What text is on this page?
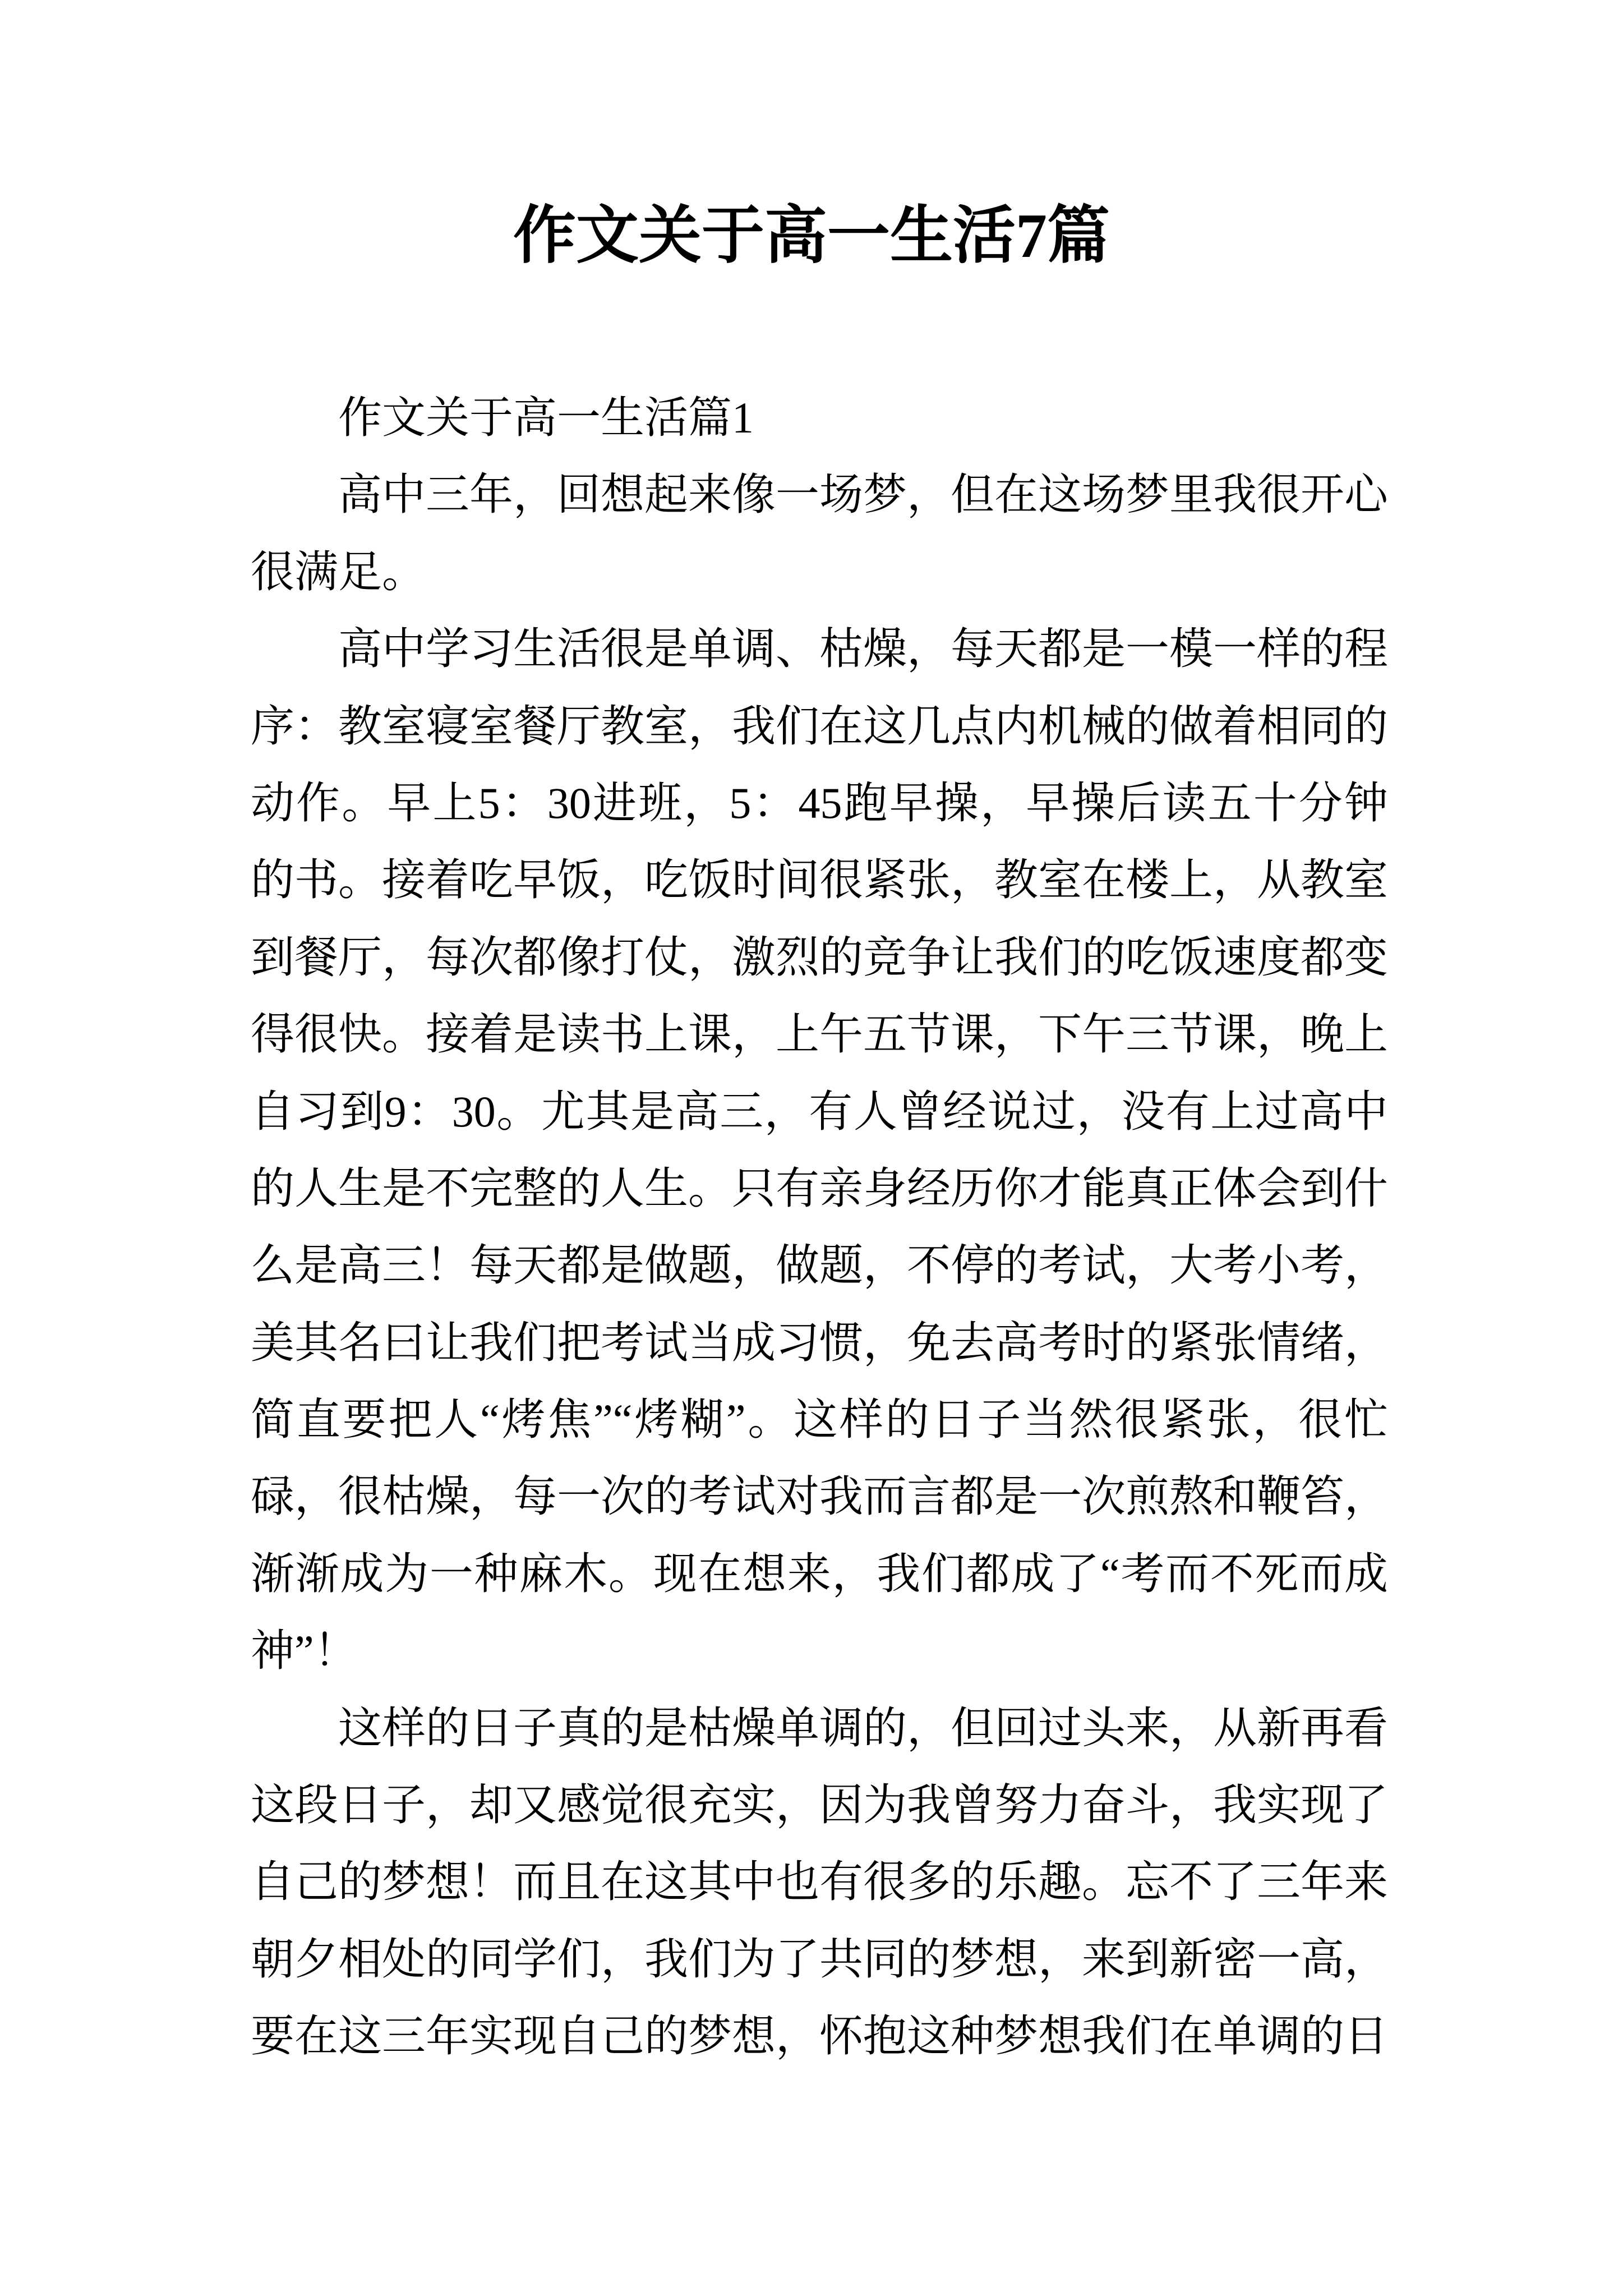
作文关于高一生活7篇
作文关于高一生活篇1
高中三年，回想起来像一场梦，但在这场梦里我很开心
很满足。
高中学习生活很是单调、枯燥，每天都是一模一样的程
序：教室寝室餐厅教室，我们在这几点内机械的做着相同的
动作。早上5：30进班，5：45跑早操，早操后读五十分钟
的书。接着吃早饭，吃饭时间很紧张，教室在楼上，从教室
到餐厅，每次都像打仗，激烈的竞争让我们的吃饭速度都变
得很快。接着是读书上课，上午五节课，下午三节课，晚上
自习到9：30。尤其是高三，有人曾经说过，没有上过高中
的人生是不完整的人生。只有亲身经历你才能真正体会到什
么是高三！每天都是做题，做题，不停的考试，大考小考，
美其名曰让我们把考试当成习惯，免去高考时的紧张情绪，
简直要把人“烤焦”“烤糊”。这样的日子当然很紧张，很忙
碌，很枯燥，每一次的考试对我而言都是一次煎熬和鞭笞，
渐渐成为一种麻木。现在想来，我们都成了“考而不死而成
神”！
这样的日子真的是枯燥单调的，但回过头来，从新再看
这段日子，却又感觉很充实，因为我曾努力奋斗，我实现了
自己的梦想！而且在这其中也有很多的乐趣。忘不了三年来
朝夕相处的同学们，我们为了共同的梦想，来到新密一高，
要在这三年实现自己的梦想，怀抱这种梦想我们在单调的日
